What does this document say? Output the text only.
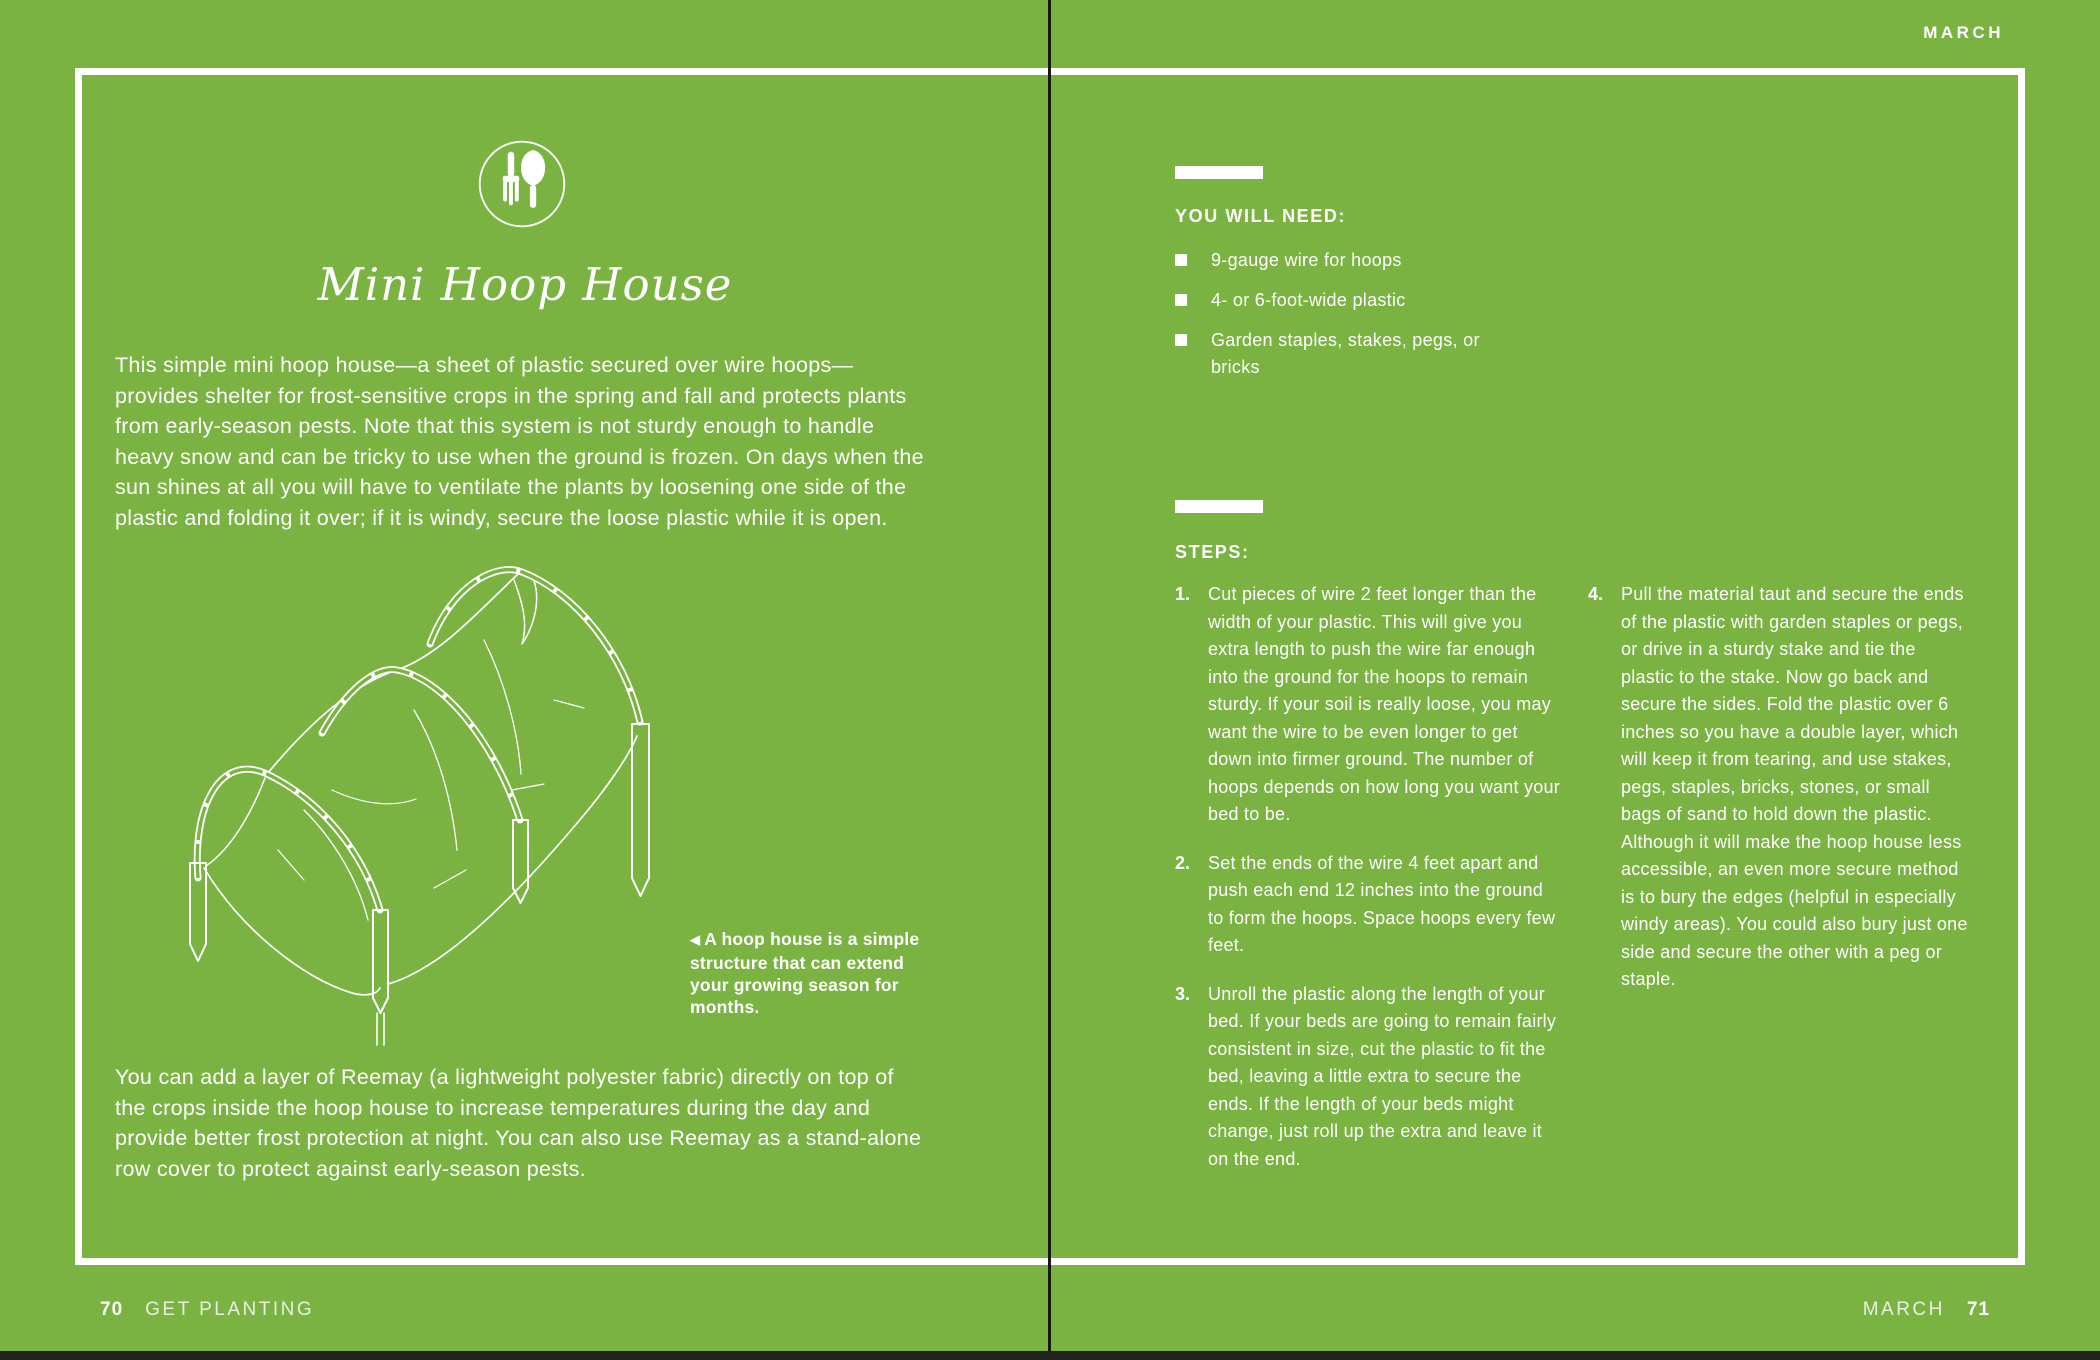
Mini Hoop House

This simple mini hoop house—a sheet of plastic secured over wire hoops—provides shelter for frost-sensitive crops in the spring and fall and protects plants from early-season pests. Note that this system is not sturdy enough to handle heavy snow and can be tricky to use when the ground is frozen. On days when the sun shines at all you will have to ventilate the plants by loosening one side of the plastic and folding it over; if it is windy, secure the loose plastic while it is open.

◀ A hoop house is a simple structure that can extend your growing season for months.

You can add a layer of Reemay (a lightweight polyester fabric) directly on top of the crops inside the hoop house to increase temperatures during the day and provide better frost protection at night. You can also use Reemay as a stand-alone row cover to protect against early-season pests.

70 GET PLANTING
MARCH
YOU WILL NEED:
9-gauge wire for hoops
4- or 6-foot-wide plastic
Garden staples, stakes, pegs, or bricks
STEPS:
1. Cut pieces of wire 2 feet longer than the width of your plastic. This will give you extra length to push the wire far enough into the ground for the hoops to remain sturdy. If your soil is really loose, you may want the wire to be even longer to get down into firmer ground. The number of hoops depends on how long you want your bed to be.

2. Set the ends of the wire 4 feet apart and push each end 12 inches into the ground to form the hoops. Space hoops every few feet.

3. Unroll the plastic along the length of your bed. If your beds are going to remain fairly consistent in size, cut the plastic to fit the bed, leaving a little extra to secure the ends. If the length of your beds might change, just roll up the extra and leave it on the end.

4. Pull the material taut and secure the ends of the plastic with garden staples or pegs, or drive in a sturdy stake and tie the plastic to the stake. Now go back and secure the sides. Fold the plastic over 6 inches so you have a double layer, which will keep it from tearing, and use stakes, pegs, staples, bricks, stones, or small bags of sand to hold down the plastic. Although it will make the hoop house less accessible, an even more secure method is to bury the edges (helpful in especially windy areas). You could also bury just one side and secure the other with a peg or staple.

MARCH 71
